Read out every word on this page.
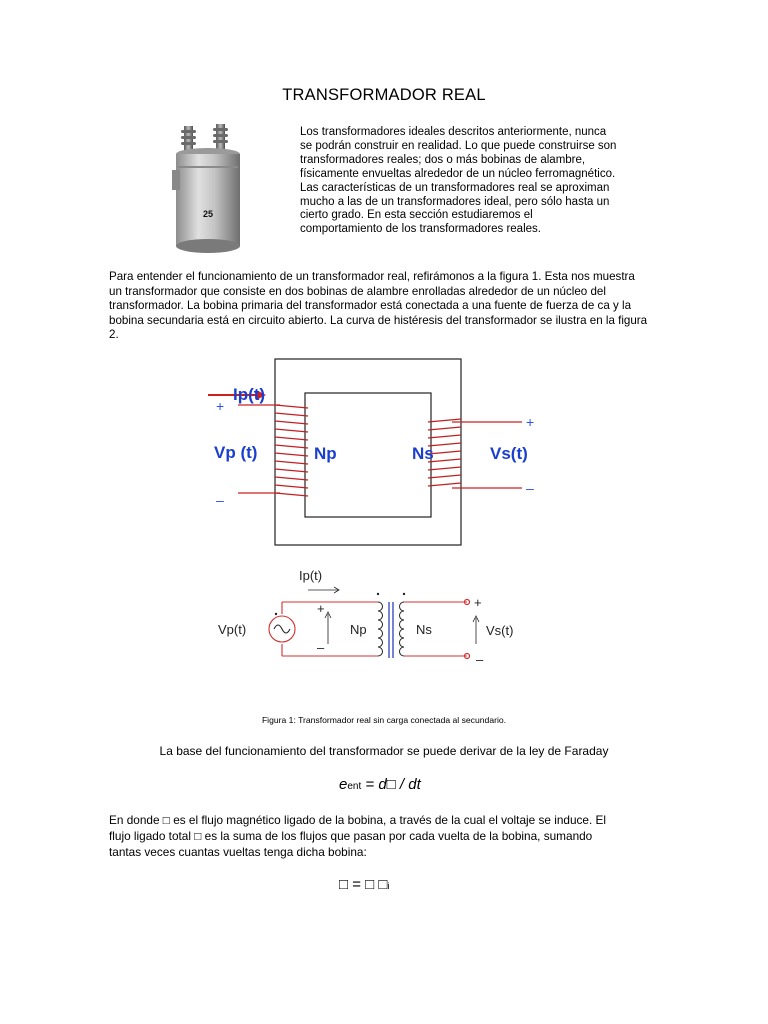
TRANSFORMADOR REAL
25
Los transformadores ideales descritos anteriormente, nunca se podrán construir en realidad. Lo que puede construirse son transformadores reales; dos o más bobinas de alambre, físicamente envueltas alrededor de un núcleo ferromagnético. Las características de un transformadores real se aproximan mucho a las de un transformadores ideal, pero sólo hasta un cierto grado. En esta sección estudiaremos el comportamiento de los transformadores reales.
Para entender el funcionamiento de un transformador real, refirámonos a la figura 1. Esta nos muestra un transformador que consiste en dos bobinas de alambre enrolladas alrededor de un núcleo del transformador. La bobina primaria del transformador está conectada a una fuente de fuerza de ca y la bobina secundaria está en circuito abierto. La curva de histéresis del transformador se ilustra en la figura 2.
Ip(t)
+
–
Vp (t)	Np	Ns	Vs(t)
+
–
Ip(t)
Vp(t)	Np	Ns	Vs(t)
+
–
+
–
Figura 1: Transformador real sin carga conectada al secundario.
La base del funcionamiento del transformador se puede derivar de la ley de Faraday
eent = d□ / dt
En donde □ es el flujo magnético ligado de la bobina, a través de la cual el voltaje se induce. El flujo ligado total □ es la suma de los flujos que pasan por cada vuelta de la bobina, sumando tantas veces cuantas vueltas tenga dicha bobina:
□ = □ □i
